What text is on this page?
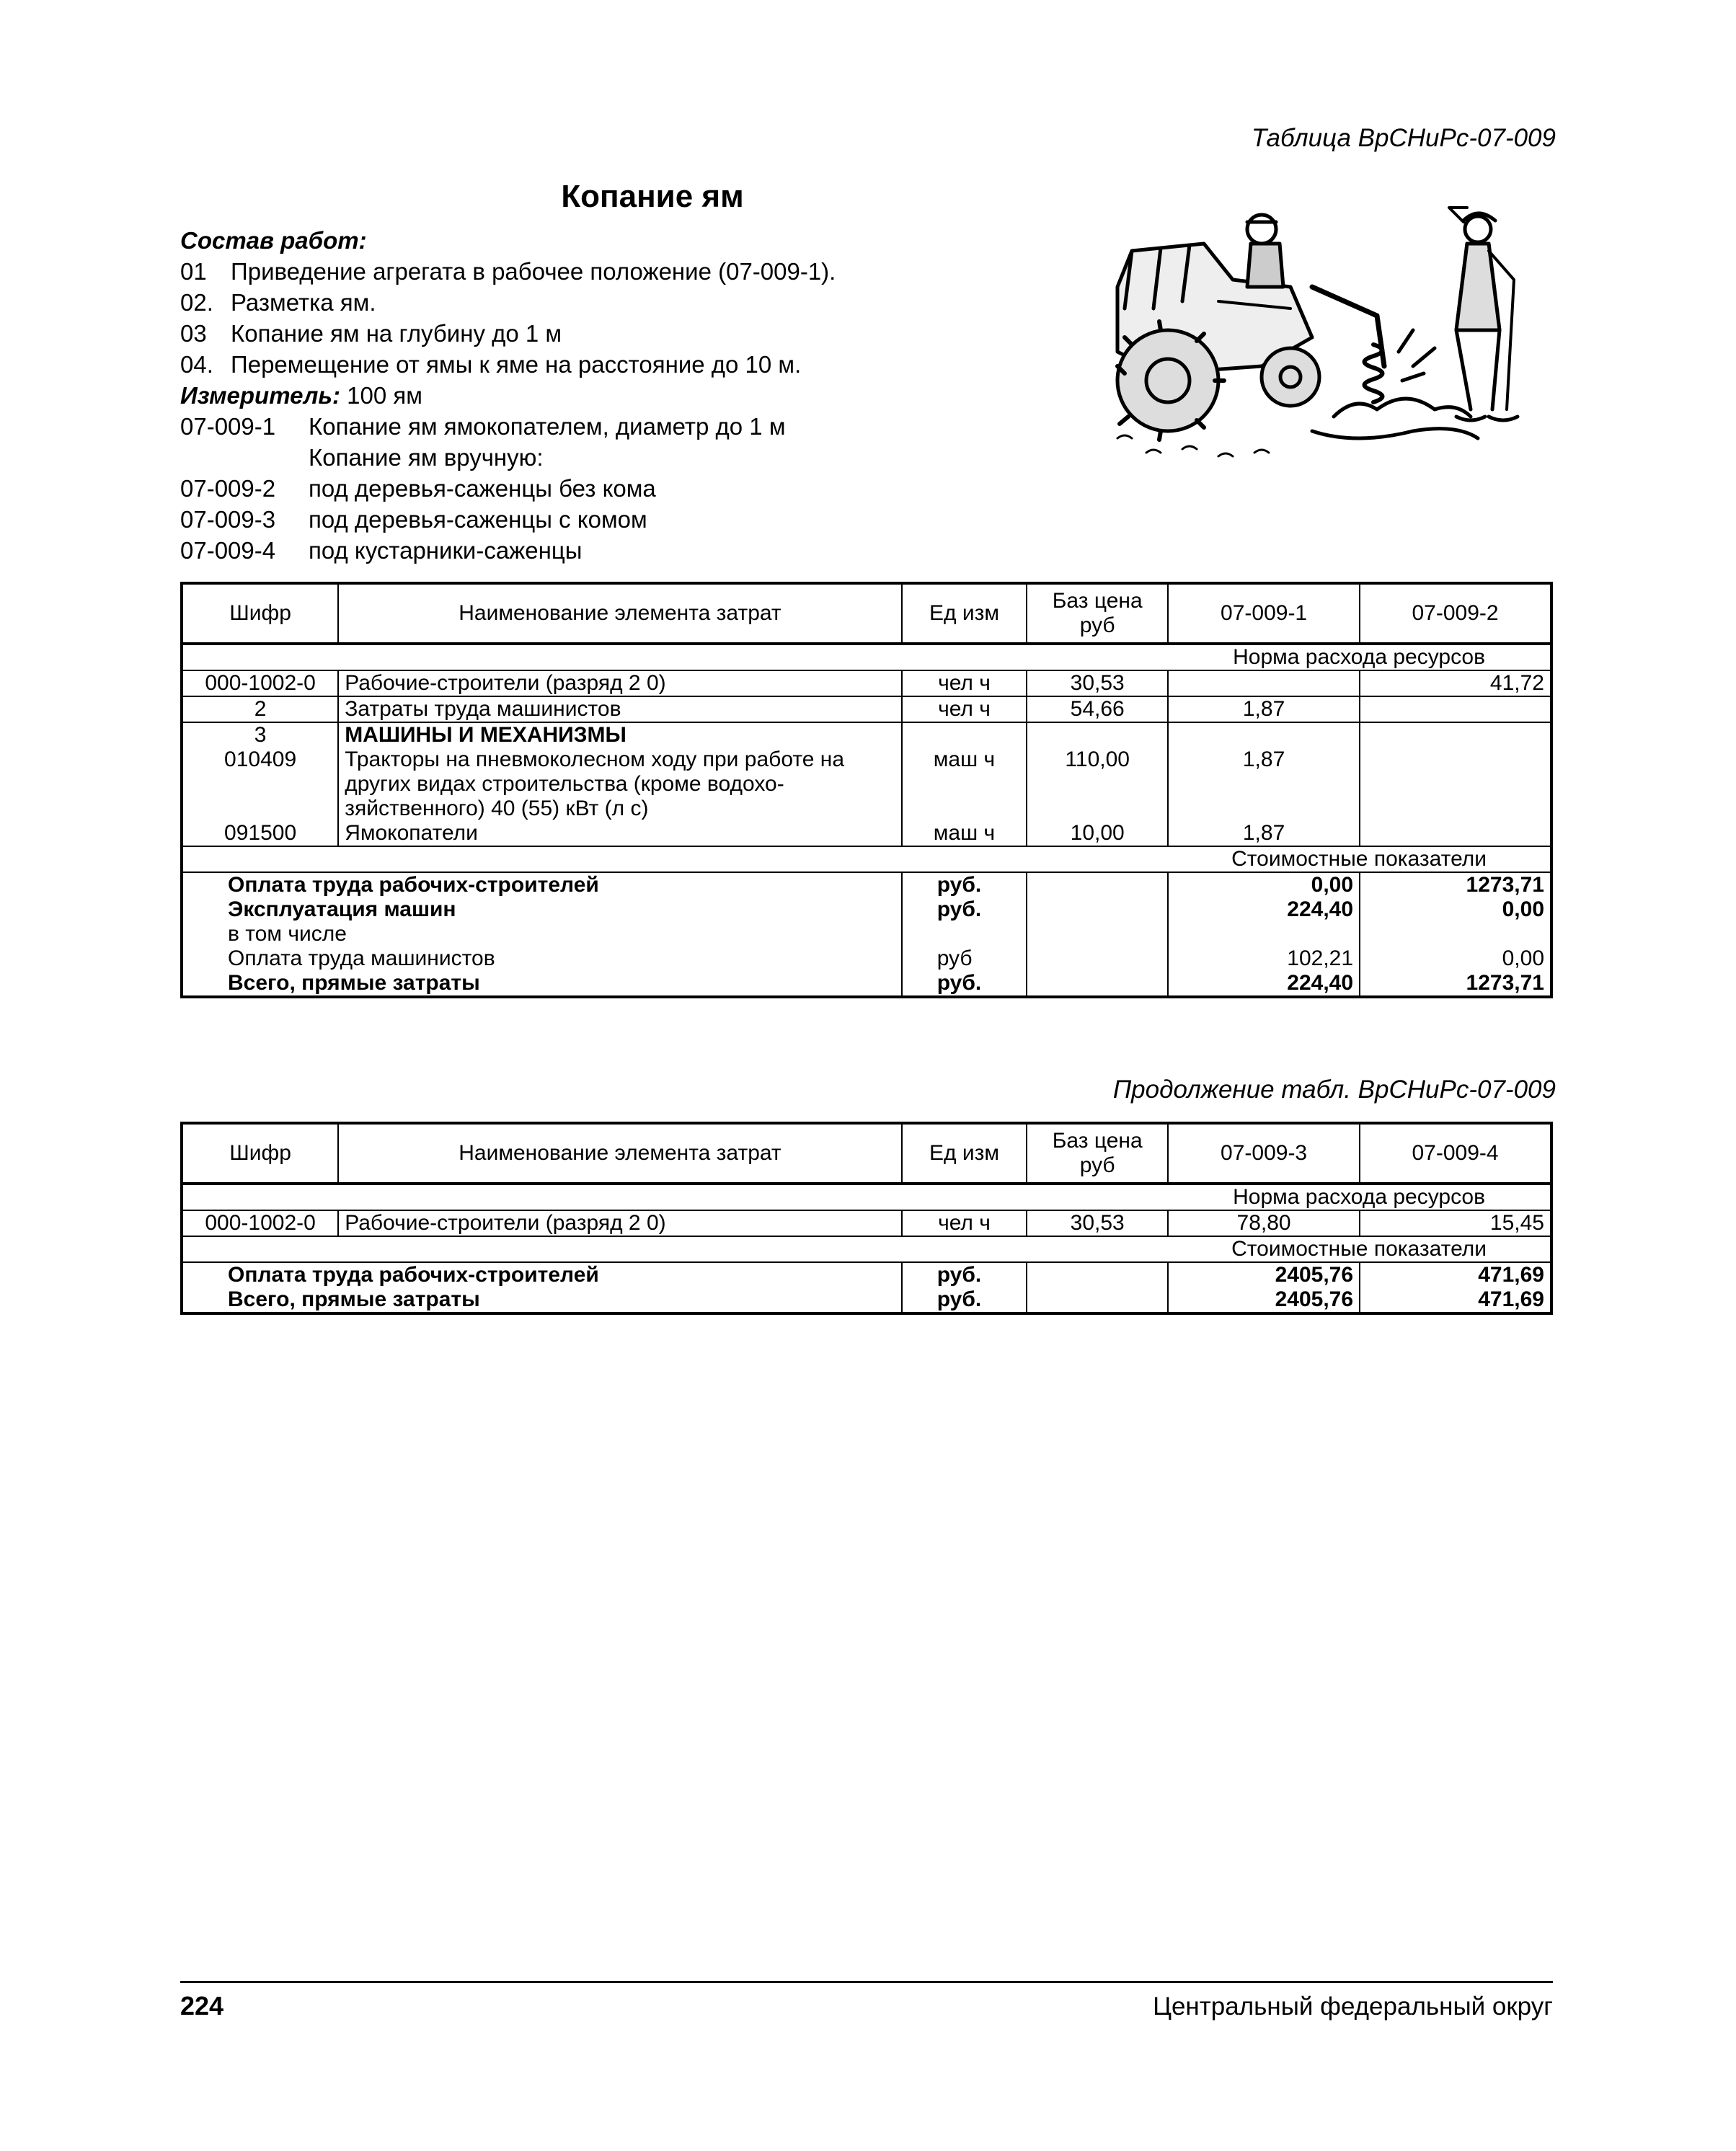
Таблица ВрСНиРс-07-009
Копание ям
Состав работ:
01 Приведение агрегата в рабочее положение (07-009-1).
02. Разметка ям.
03 Копание ям на глубину до 1 м
04. Перемещение от ямы к яме на расстояние до 10 м.
Измеритель: 100 ям
07-009-1 Копание ям ямокопателем, диаметр до 1 м
Копание ям вручную:
07-009-2 под деревья-саженцы без кома
07-009-3 под деревья-саженцы с комом
07-009-4 под кустарники-саженцы
Шифр	Наименование элемента затрат	Ед изм	Баз цена руб	07-009-1	07-009-2
				Норма расхода ресурсов	
000-1002-0	Рабочие-строители (разряд 2 0)	чел ч	30,53		41,72
2	Затраты труда машинистов	чел ч	54,66	1,87	
3	МАШИНЫ И МЕХАНИЗМЫ				
010409	Тракторы на пневмоколесном ходу при работе на других видах строительства (кроме водохо-зяйственного) 40 (55) кВт (л с)	маш ч	110,00	1,87	
091500	Ямокопатели	маш ч	10,00	1,87	
				Стоимостные показатели	
Оплата труда рабочих-строителей		руб.		0,00	1273,71
Эксплуатация машин		руб.		224,40	0,00
в том числе					
Оплата труда машинистов		руб		102,21	0,00
Всего, прямые затраты		руб.		224,40	1273,71
Продолжение табл. ВрСНиРс-07-009
Шифр	Наименование элемента затрат	Ед изм	Баз цена руб	07-009-3	07-009-4
				Норма расхода ресурсов	
000-1002-0	Рабочие-строители (разряд 2 0)	чел ч	30,53	78,80	15,45
				Стоимостные показатели	
Оплата труда рабочих-строителей		руб.		2405,76	471,69
Всего, прямые затраты		руб.		2405,76	471,69
224	Центральный федеральный округ
